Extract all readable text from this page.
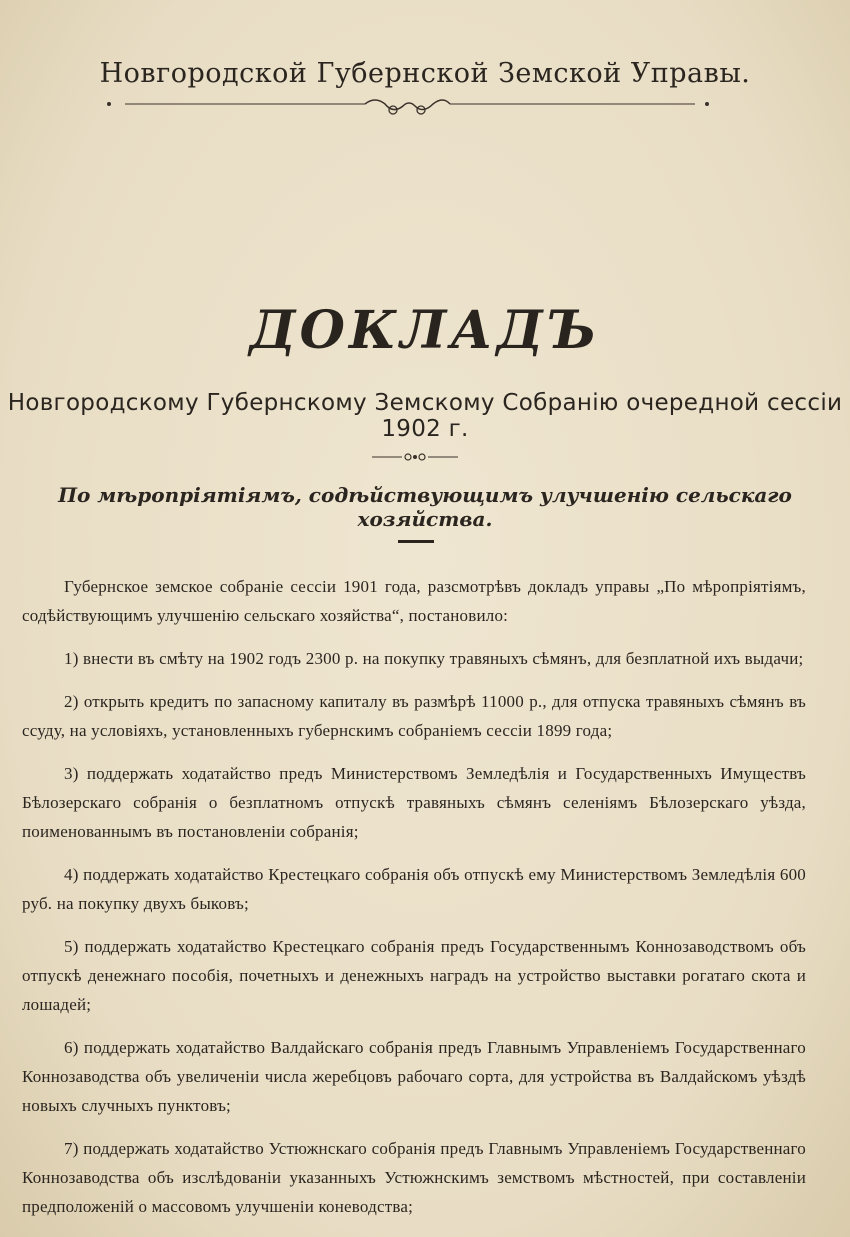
Новгородской Губернской Земской Управы.
ДОКЛАДЪ
Новгородскому Губернскому Земскому Собранію очередной сессіи 1902 г.
По мѣропріятіямъ, содѣйствующимъ улучшенію сельскаго хозяйства.

Губернское земское собраніе сессіи 1901 года, разсмотрѣвъ докладъ управы „По мѣропріятіямъ, содѣйствующимъ улучшенію сельскаго хозяйства“, постановило:

1) внести въ смѣту на 1902 годъ 2300 р. на покупку травяныхъ сѣмянъ, для безплатной ихъ выдачи;

2) открыть кредитъ по запасному капиталу въ размѣрѣ 11000 р., для отпуска травяныхъ сѣмянъ въ ссуду, на условіяхъ, установленныхъ губернскимъ собраніемъ сессіи 1899 года;

3) поддержать ходатайство предъ Министерствомъ Земледѣлія и Государственныхъ Имуществъ Бѣлозерскаго собранія о безплатномъ отпускѣ травяныхъ сѣмянъ селеніямъ Бѣлозерскаго уѣзда, поименованнымъ въ постановленіи собранія;

4) поддержать ходатайство Крестецкаго собранія объ отпускѣ ему Министерствомъ Земледѣлія 600 руб. на покупку двухъ быковъ;

5) поддержать ходатайство Крестецкаго собранія предъ Государственнымъ Коннозаводствомъ объ отпускѣ денежнаго пособія, почетныхъ и денежныхъ наградъ на устройство выставки рогатаго скота и лошадей;

6) поддержать ходатайство Валдайскаго собранія предъ Главнымъ Управленіемъ Государственнаго Коннозаводства объ увеличеніи числа жеребцовъ рабочаго сорта, для устройства въ Валдайскомъ уѣздѣ новыхъ случныхъ пунктовъ;

7) поддержать ходатайство Устюжнскаго собранія предъ Главнымъ Управленіемъ Государственнаго Коннозаводства объ изслѣдованіи указанныхъ Устюжнскимъ земствомъ мѣстностей, при составленіи предположеній о массовомъ улучшеніи коневодства;
